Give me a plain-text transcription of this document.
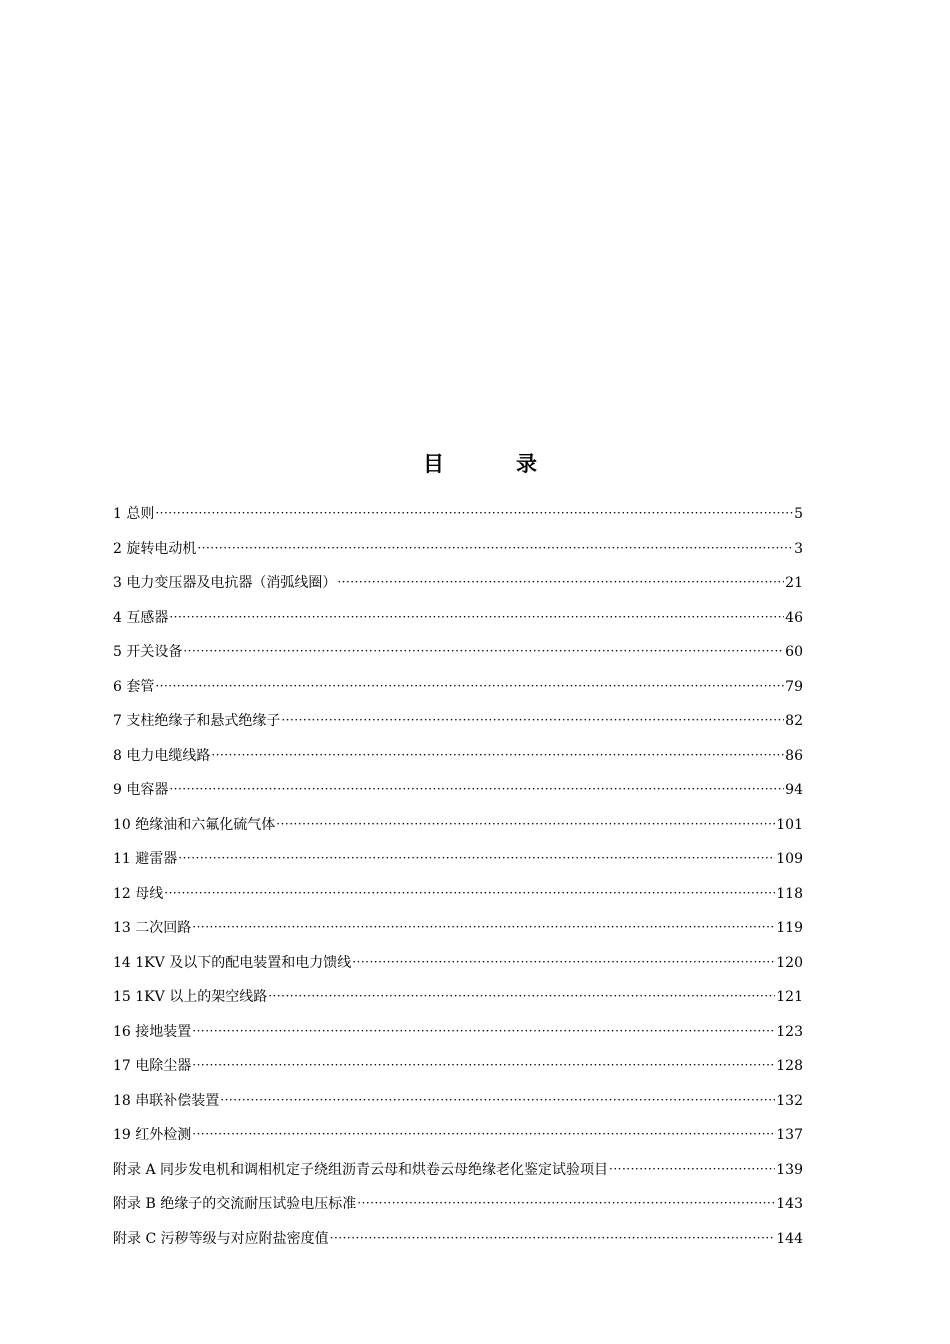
目	录
1 总则 ·····	5
2 旋转电动机 ·····	3
3 电力变压器及电抗器（消弧线圈） ·····	21
4 互感器 ·····	46
5 开关设备 ·····	60
6 套管 ·····	79
7 支柱绝缘子和悬式绝缘子 ·····	82
8 电力电缆线路 ·····	86
9 电容器 ·····	94
10 绝缘油和六氟化硫气体 ·····	101
11 避雷器 ·····	109
12 母线 ·····	118
13 二次回路 ·····	119
14 1KV 及以下的配电装置和电力馈线 ·····	120
15 1KV 以上的架空线路 ·····	121
16 接地装置 ·····	123
17 电除尘器 ·····	128
18 串联补偿装置 ·····	132
19 红外检测 ·····	137
附录 A 同步发电机和调相机定子绕组沥青云母和烘卷云母绝缘老化鉴定试验项目 ·····	139
附录 B 绝缘子的交流耐压试验电压标准 ·····	143
附录 C 污秽等级与对应附盐密度值 ·····	144
